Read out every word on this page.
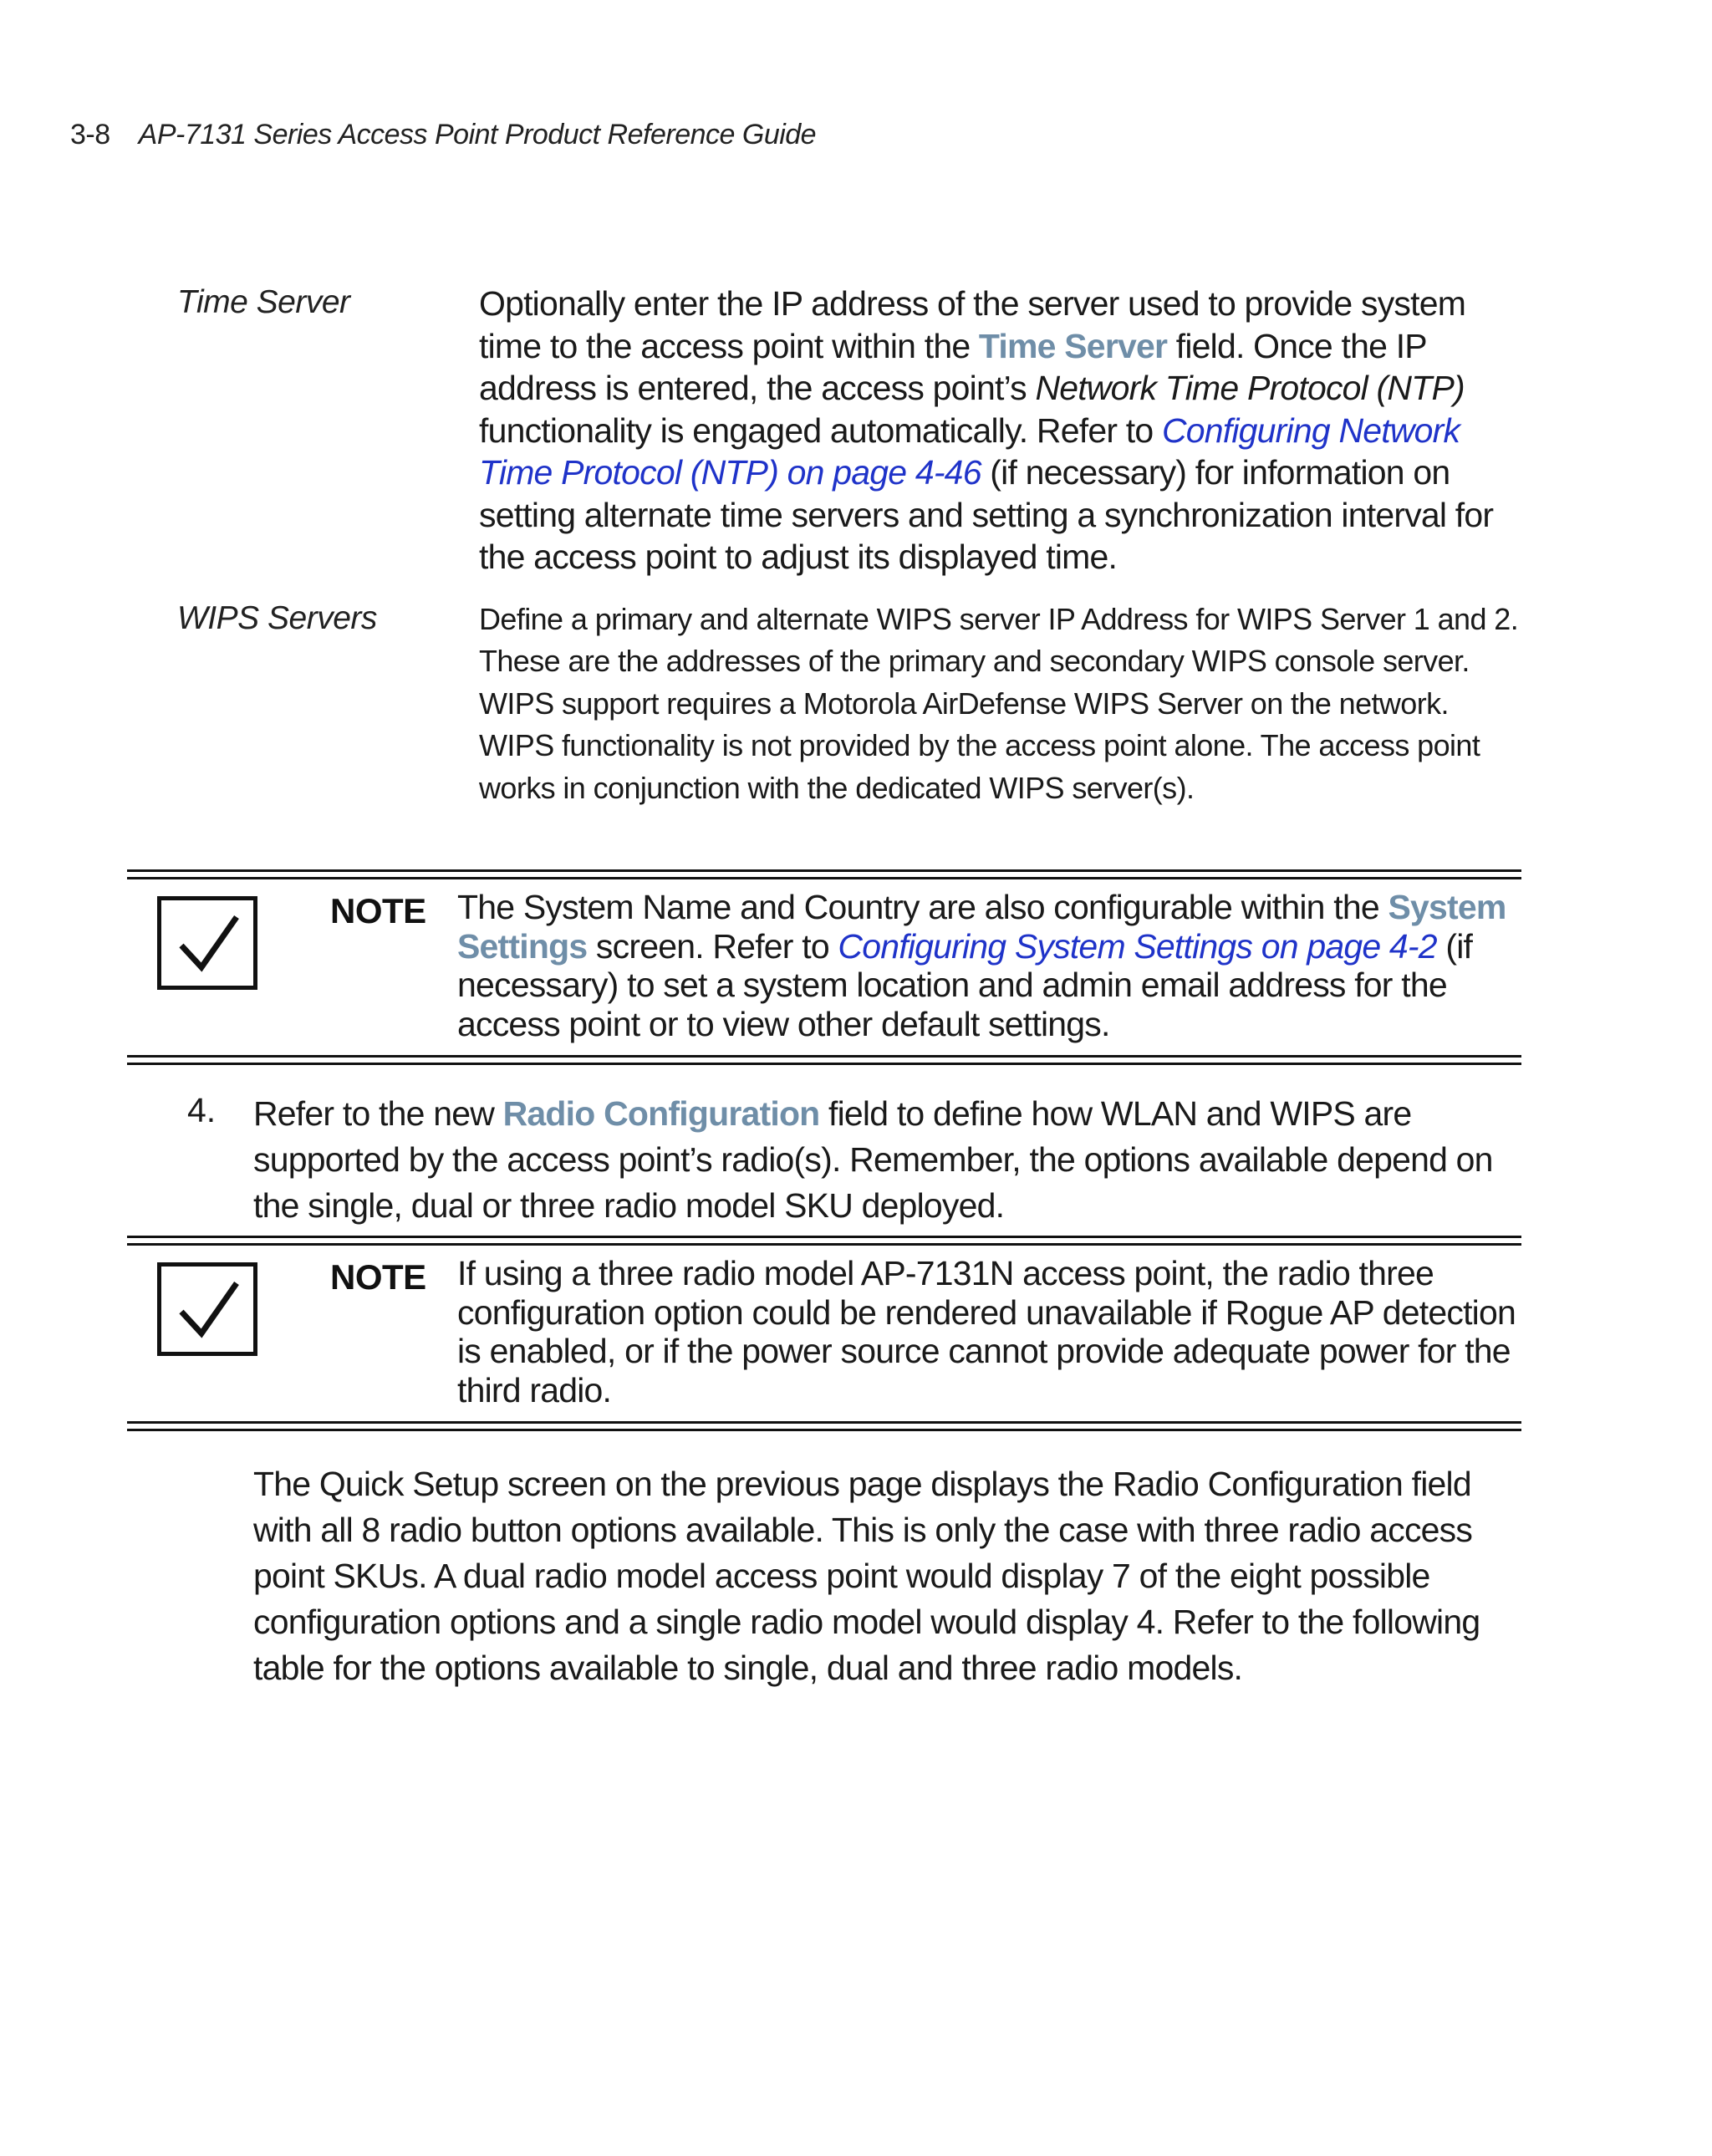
3-8 AP-7131 Series Access Point Product Reference Guide
Time Server	Optionally enter the IP address of the server used to provide system time to the access point within the Time Server field. Once the IP address is entered, the access point’s Network Time Protocol (NTP) functionality is engaged automatically. Refer to Configuring Network Time Protocol (NTP) on page 4-46 (if necessary) for information on setting alternate time servers and setting a synchronization interval for the access point to adjust its displayed time.
WIPS Servers	Define a primary and alternate WIPS server IP Address for WIPS Server 1 and 2. These are the addresses of the primary and secondary WIPS console server. WIPS support requires a Motorola AirDefense WIPS Server on the network. WIPS functionality is not provided by the access point alone. The access point works in conjunction with the dedicated WIPS server(s).
NOTE The System Name and Country are also configurable within the System Settings screen. Refer to Configuring System Settings on page 4-2 (if necessary) to set a system location and admin email address for the access point or to view other default settings.
4. Refer to the new Radio Configuration field to define how WLAN and WIPS are supported by the access point’s radio(s). Remember, the options available depend on the single, dual or three radio model SKU deployed.
NOTE If using a three radio model AP-7131N access point, the radio three configuration option could be rendered unavailable if Rogue AP detection is enabled, or if the power source cannot provide adequate power for the third radio.
The Quick Setup screen on the previous page displays the Radio Configuration field with all 8 radio button options available. This is only the case with three radio access point SKUs. A dual radio model access point would display 7 of the eight possible configuration options and a single radio model would display 4. Refer to the following table for the options available to single, dual and three radio models.
